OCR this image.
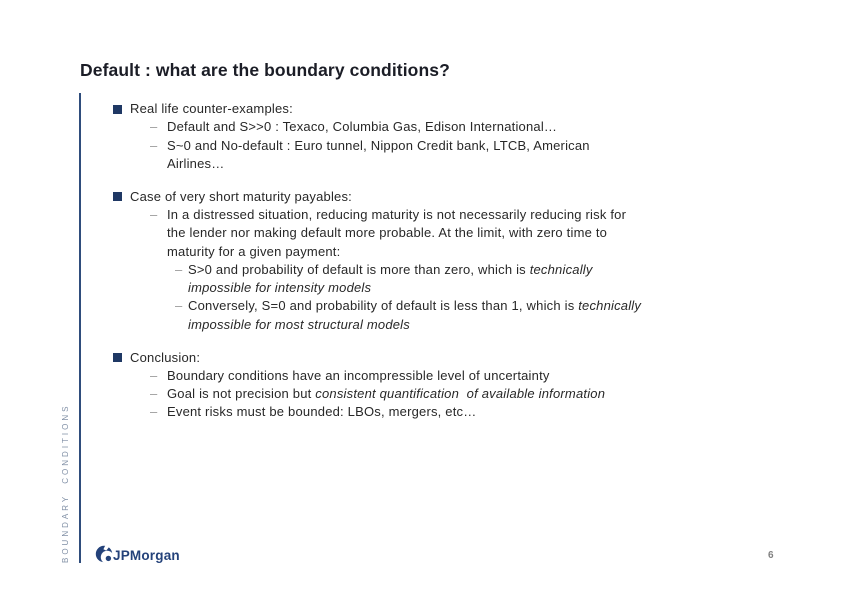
Default : what are the boundary conditions?
BOUNDARY CONDITIONS
Real life counter-examples:
– Default and S>>0 : Texaco, Columbia Gas, Edison International…
– S~0 and No-default : Euro tunnel, Nippon Credit bank, LTCB, American
Airlines…
Case of very short maturity payables:
– In a distressed situation, reducing maturity is not necessarily reducing risk for
the lender nor making default more probable. At the limit, with zero time to
maturity for a given payment:
– S>0 and probability of default is more than zero, which is technically
impossible for intensity models
– Conversely, S=0 and probability of default is less than 1, which is technically
impossible for most structural models
Conclusion:
– Boundary conditions have an incompressible level of uncertainty
– Goal is not precision but consistent quantification  of available information
– Event risks must be bounded: LBOs, mergers, etc…
JPMorgan	6
